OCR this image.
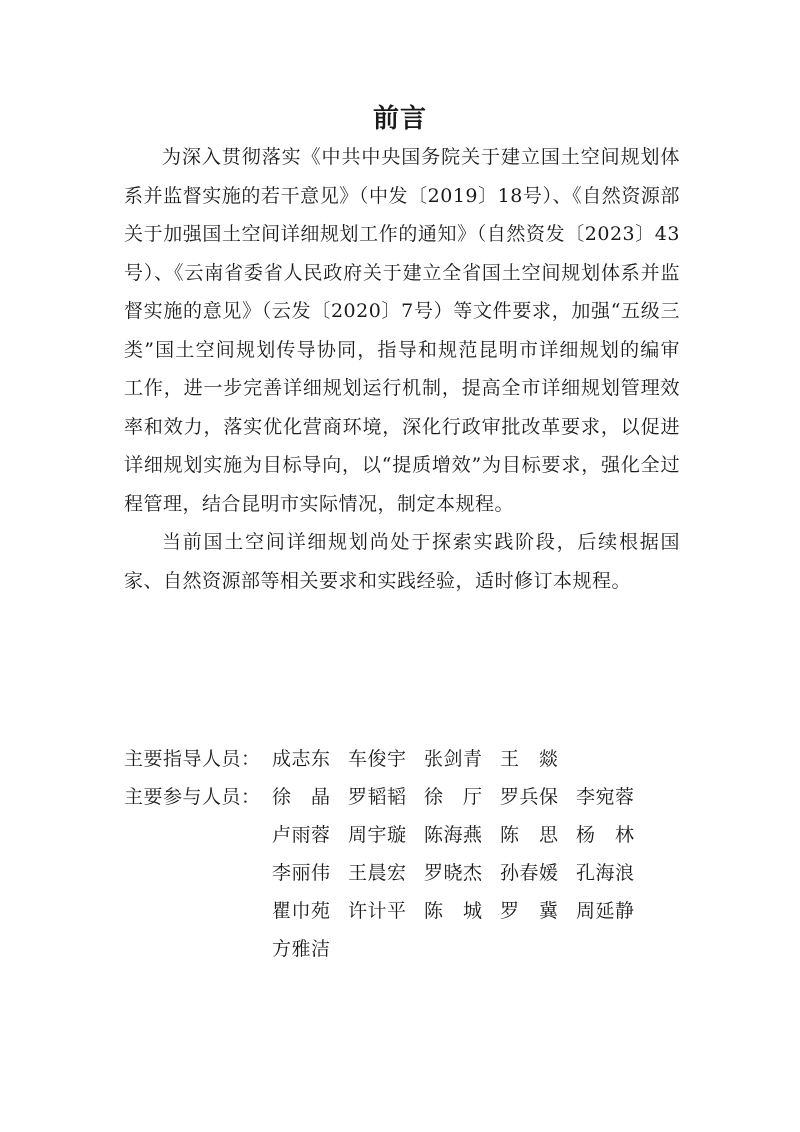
前言

为深入贯彻落实《中共中央国务院关于建立国土空间规划体系并监督实施的若干意见》（中发〔2019〕18号）、《自然资源部关于加强国土空间详细规划工作的通知》（自然资发〔2023〕43号）、《云南省委省人民政府关于建立全省国土空间规划体系并监督实施的意见》（云发〔2020〕7号）等文件要求，加强“五级三类”国土空间规划传导协同，指导和规范昆明市详细规划的编审工作，进一步完善详细规划运行机制，提高全市详细规划管理效率和效力，落实优化营商环境，深化行政审批改革要求，以促进详细规划实施为目标导向，以“提质增效”为目标要求，强化全过程管理，结合昆明市实际情况，制定本规程。

当前国土空间详细规划尚处于探索实践阶段，后续根据国家、自然资源部等相关要求和实践经验，适时修订本规程。

主要指导人员： 成志东 车俊宇 张剑青 王　燚
主要参与人员： 徐　晶 罗韬韬 徐　厅 罗兵保 李宛蓉
卢雨蓉 周宇璇 陈海燕 陈　思 杨　林
李丽伟 王晨宏 罗晓杰 孙春媛 孔海浪
瞿巾苑 许计平 陈　城 罗　冀 周延静
方雅洁
